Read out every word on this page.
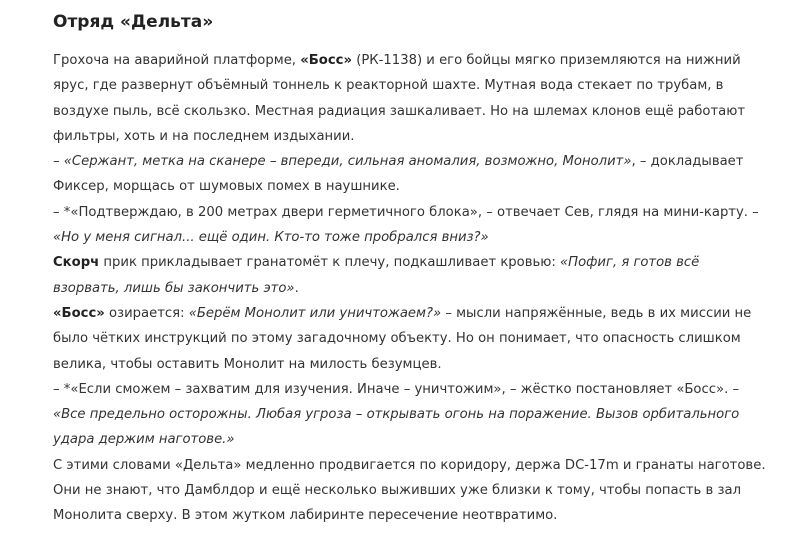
Отряд «Дельта»

Грохоча на аварийной платформе, «Босс» (РК-1138) и его бойцы мягко приземляются на нижний ярус, где развернут объёмный тоннель к реакторной шахте. Мутная вода стекает по трубам, в воздухе пыль, всё скользко. Местная радиация зашкаливает. Но на шлемах клонов ещё работают фильтры, хоть и на последнем издыхании.

– «Сержант, метка на сканере – впереди, сильная аномалия, возможно, Монолит», – докладывает Фиксер, морщась от шумовых помех в наушнике.

– *«Подтверждаю, в 200 метрах двери герметичного блока», – отвечает Сев, глядя на мини-карту. – «Но у меня сигнал... ещё один. Кто-то тоже пробрался вниз?»

Скорч прик прикладывает гранатомёт к плечу, подкашливает кровью: «Пофиг, я готов всё взорвать, лишь бы закончить это».

«Босс» озирается: «Берём Монолит или уничтожаем?» – мысли напряжённые, ведь в их миссии не было чётких инструкций по этому загадочному объекту. Но он понимает, что опасность слишком велика, чтобы оставить Монолит на милость безумцев.

– *«Если сможем – захватим для изучения. Иначе – уничтожим», – жёстко постановляет «Босс». – «Все предельно осторожны. Любая угроза – открывать огонь на поражение. Вызов орбитального удара держим наготове.»

С этими словами «Дельта» медленно продвигается по коридору, держа DC-17m и гранаты наготове. Они не знают, что Дамблдор и ещё несколько выживших уже близки к тому, чтобы попасть в зал Монолита сверху. В этом жутком лабиринте пересечение неотвратимо.
